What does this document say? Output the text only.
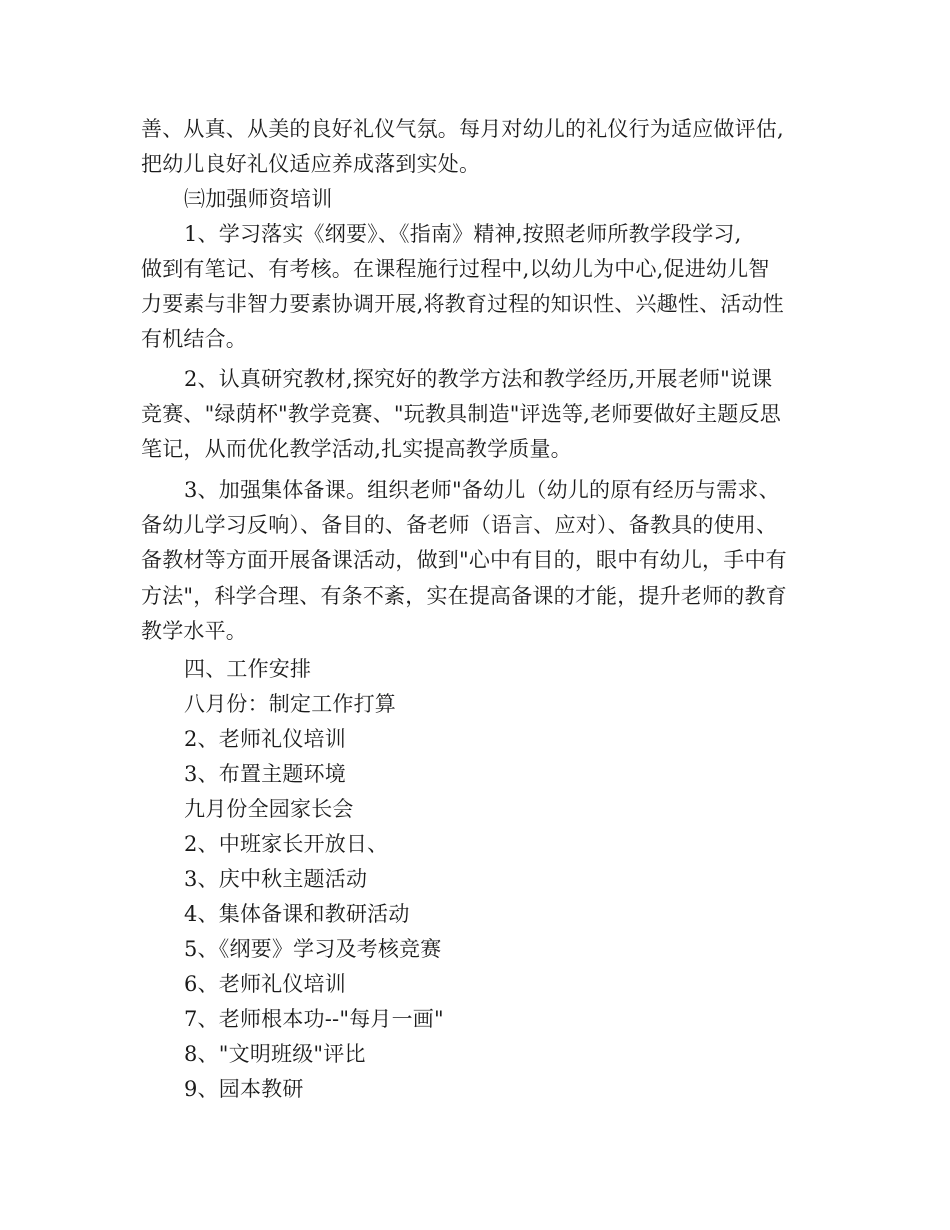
善、从真、从美的良好礼仪气氛。每月对幼儿的礼仪行为适应做评估,
把幼儿良好礼仪适应养成落到实处。
㈢加强师资培训
1、学习落实《纲要》、《指南》精神,按照老师所教学段学习,
做到有笔记、有考核。在课程施行过程中,以幼儿为中心,促进幼儿智
力要素与非智力要素协调开展,将教育过程的知识性、兴趣性、活动性
有机结合。
2、认真研究教材,探究好的教学方法和教学经历,开展老师"说课
竞赛、"绿荫杯"教学竞赛、"玩教具制造"评选等,老师要做好主题反思
笔记，从而优化教学活动,扎实提高教学质量。
3、加强集体备课。组织老师"备幼儿（幼儿的原有经历与需求、
备幼儿学习反响）、备目的、备老师（语言、应对）、备教具的使用、
备教材等方面开展备课活动，做到"心中有目的，眼中有幼儿，手中有
方法"，科学合理、有条不紊，实在提高备课的才能，提升老师的教育
教学水平。
四、工作安排
八月份：制定工作打算
2、老师礼仪培训
3、布置主题环境
九月份全园家长会
2、中班家长开放日、
3、庆中秋主题活动
4、集体备课和教研活动
5、《纲要》学习及考核竞赛
6、老师礼仪培训
7、老师根本功--"每月一画"
8、"文明班级"评比
9、园本教研
